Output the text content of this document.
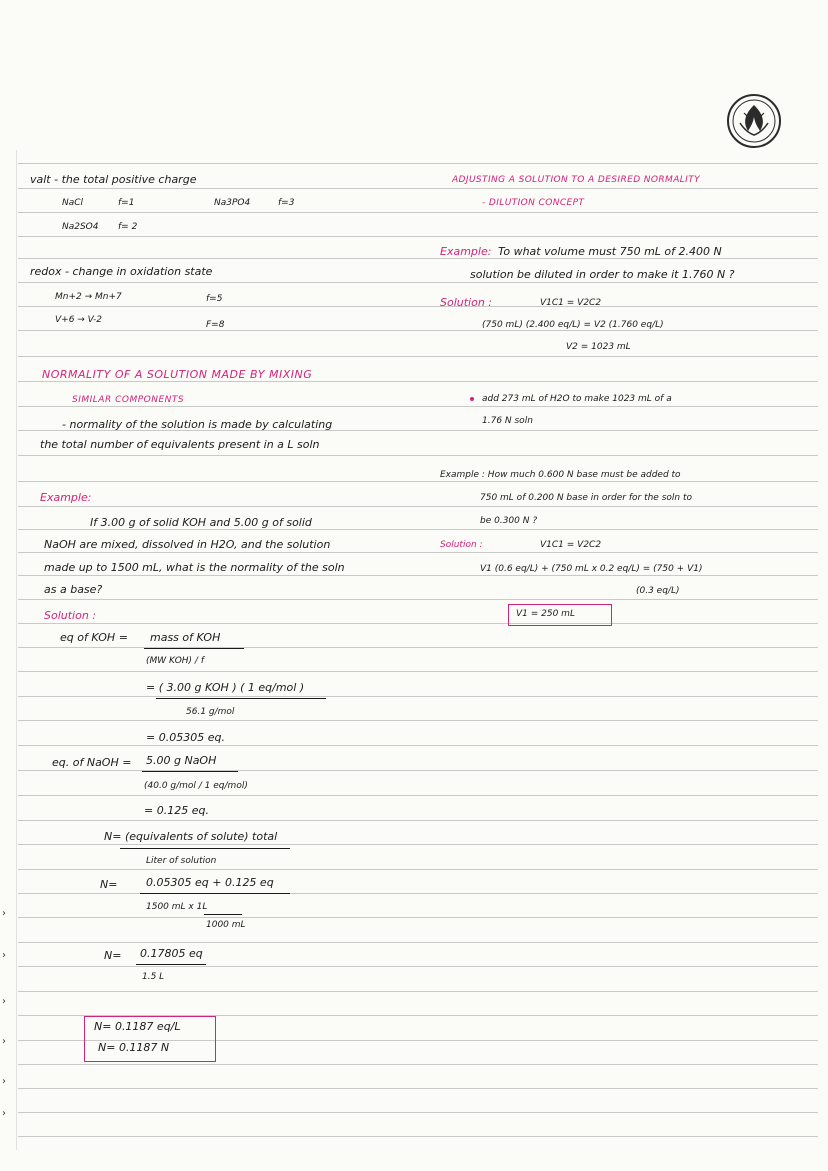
›
›
›
›
›
›
valt - the total positive charge
NaCl	f=1	Na3PO4	f=3
Na2SO4 f= 2
redox - change in oxidation state
Mn+2 → Mn+7	f=5
V+6 → V-2	F=8
NORMALITY OF A SOLUTION MADE BY MIXING
SIMILAR COMPONENTS
- normality of the solution is made by calculating
the total number of equivalents present in a L soln
Example:
If 3.00 g of solid KOH and 5.00 g of solid
NaOH are mixed, dissolved in H2O, and the solution
made up to 1500 mL, what is the normality of the soln
as a base?
Solution :
eq of KOH = mass of KOH
(MW KOH) / f
= ( 3.00 g KOH ) ( 1 eq/mol )
56.1 g/mol
= 0.05305 eq.
eq. of NaOH = 5.00 g NaOH
(40.0 g/mol / 1 eq/mol)
= 0.125 eq.
N= (equivalents of solute) total
Liter of solution
N=	0.05305 eq + 0.125 eq
1500 mL x 1L
1000 mL
N= 0.17805 eq
1.5 L
N= 0.1187 eq/L
N= 0.1187 N
ADJUSTING A SOLUTION TO A DESIRED NORMALITY
- DILUTION CONCEPT
Example: To what volume must 750 mL of 2.400 N
solution be diluted in order to make it 1.760 N ?
Solution :	V1C1 = V2C2
(750 mL) (2.400 eq/L) = V2 (1.760 eq/L)
V2 = 1023 mL
add 273 mL of H2O to make 1023 mL of a
1.76 N soln
Example : How much 0.600 N base must be added to
750 mL of 0.200 N base in order for the soln to
be 0.300 N ?
Solution :	V1C1 = V2C2
V1 (0.6 eq/L) + (750 mL x 0.2 eq/L) = (750 + V1)
(0.3 eq/L)
V1 = 250 mL
